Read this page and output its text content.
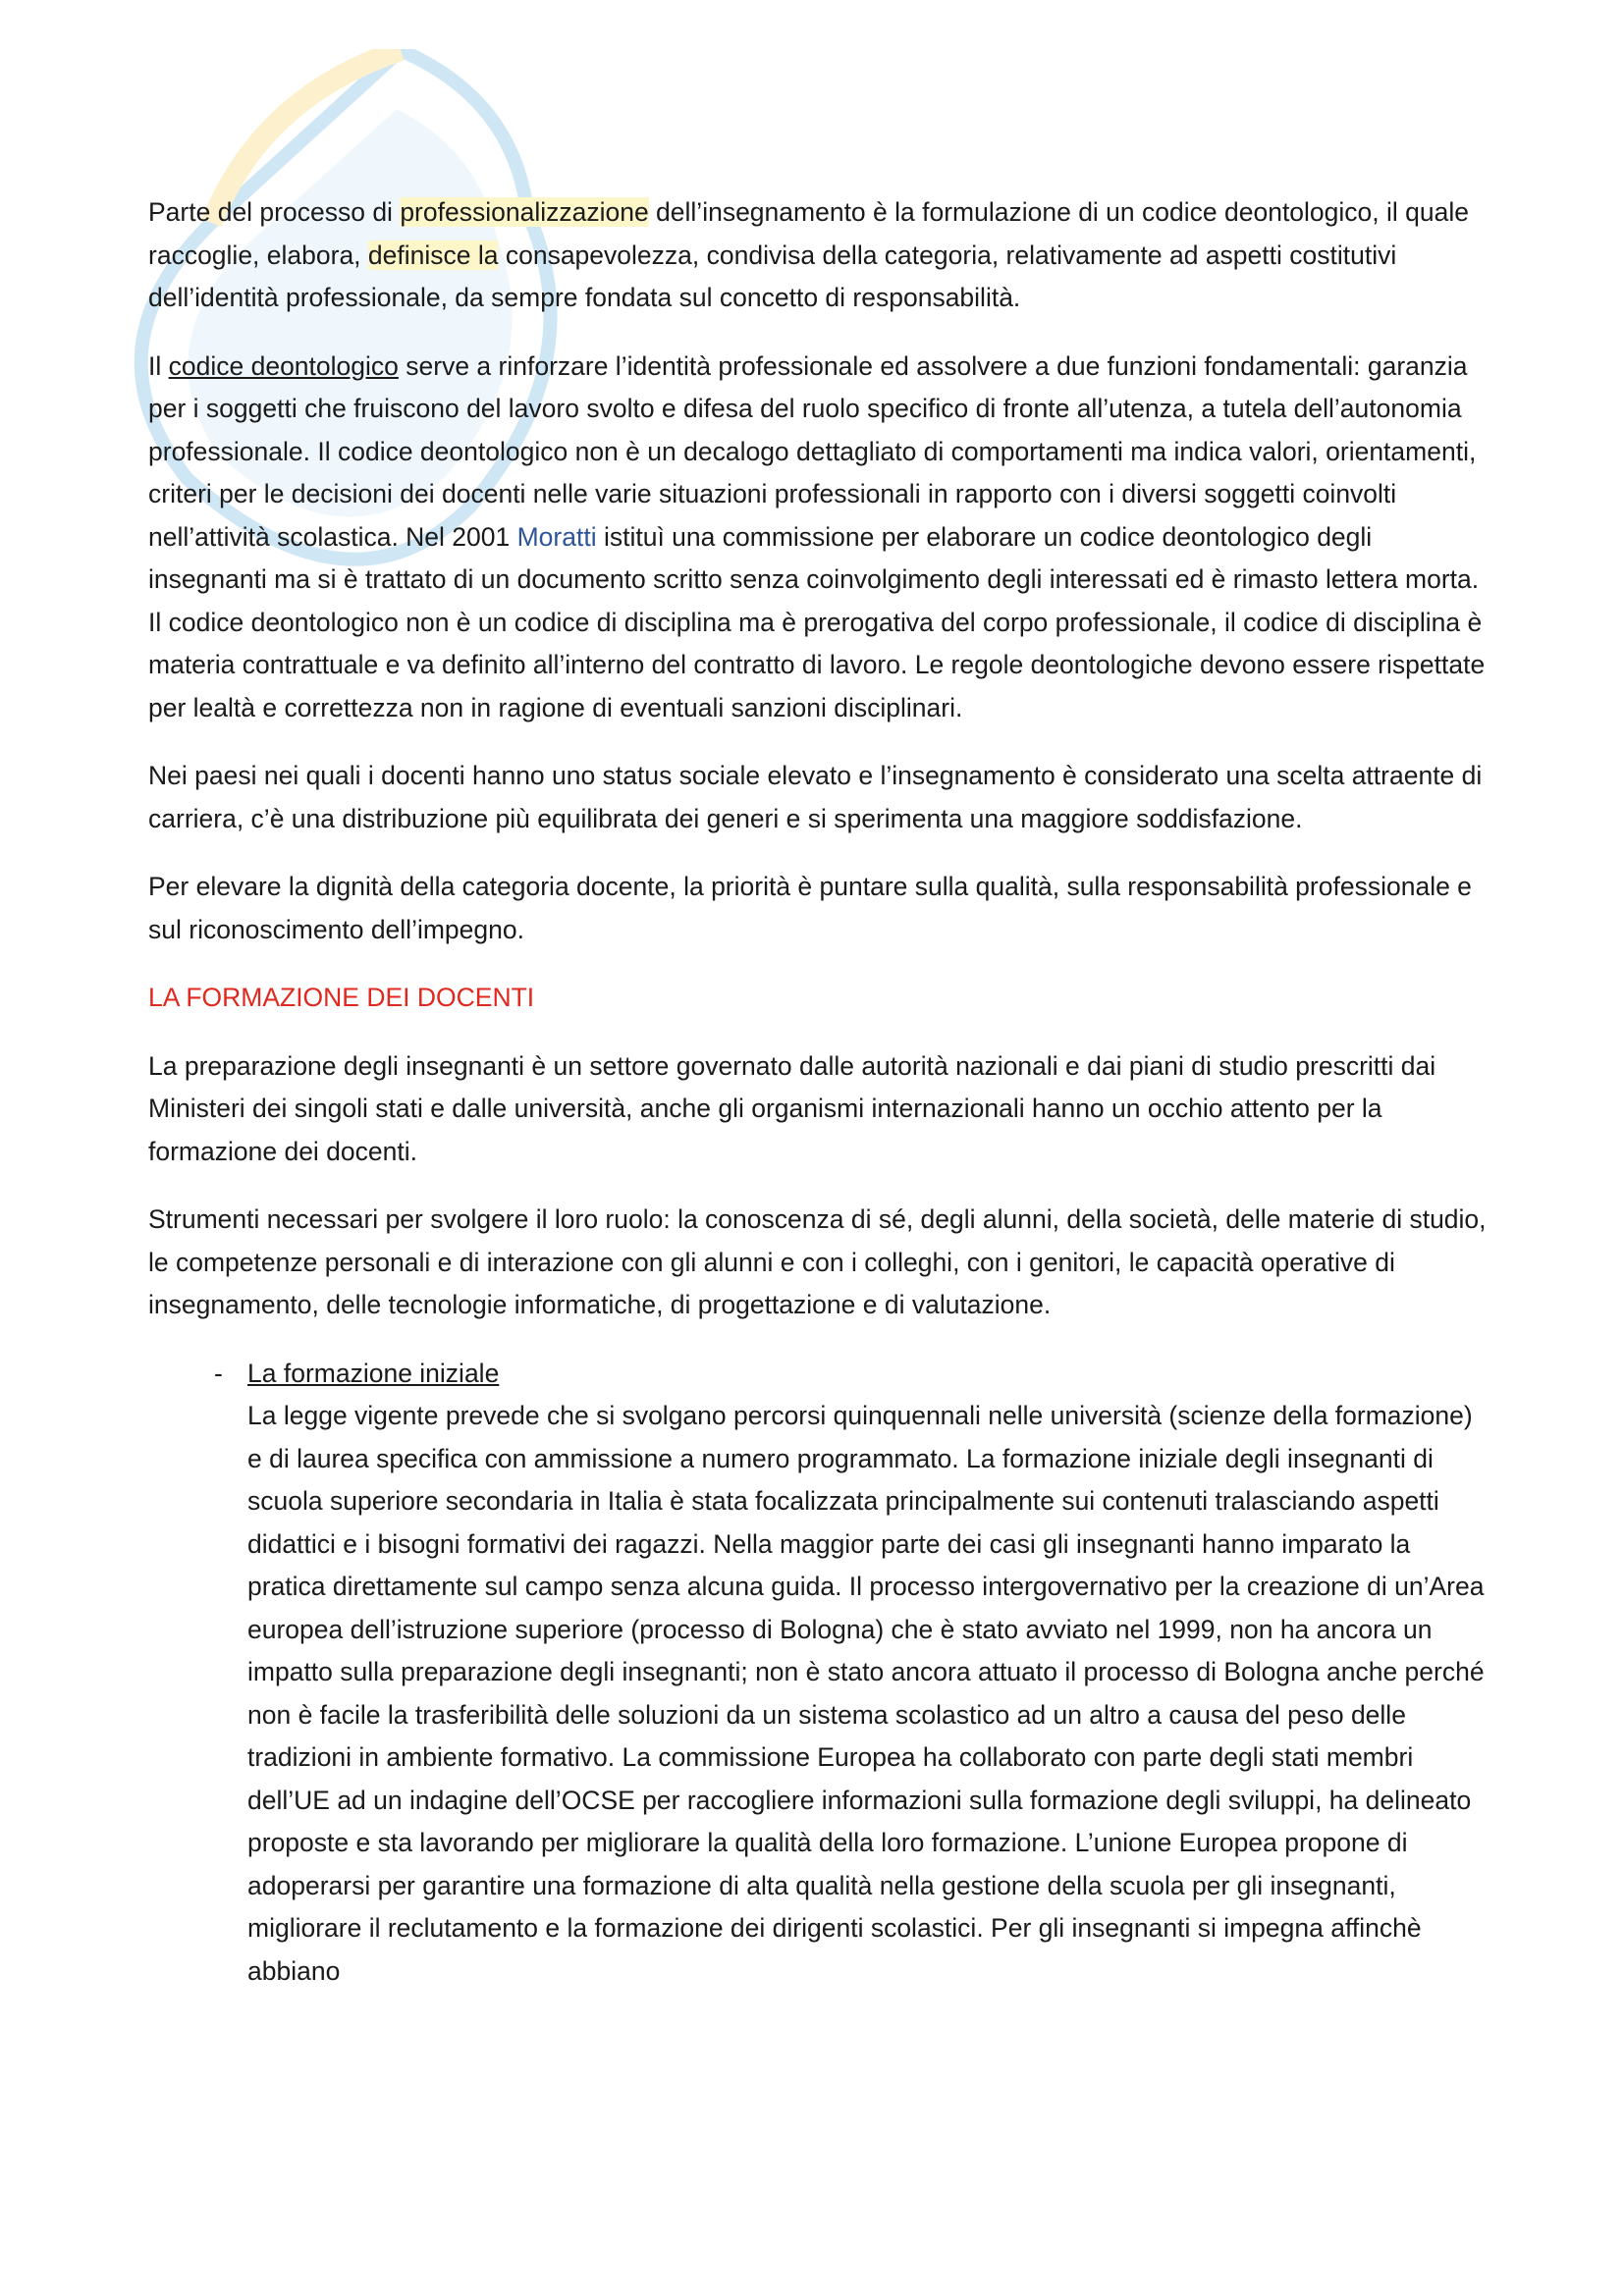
Parte del processo di professionalizzazione dell’insegnamento è la formulazione di un codice deontologico, il quale raccoglie, elabora, definisce la consapevolezza, condivisa della categoria, relativamente ad aspetti costitutivi dell’identità professionale, da sempre fondata sul concetto di responsabilità.

Il codice deontologico serve a rinforzare l’identità professionale ed assolvere a due funzioni fondamentali: garanzia per i soggetti che fruiscono del lavoro svolto e difesa del ruolo specifico di fronte all’utenza, a tutela dell’autonomia professionale. Il codice deontologico non è un decalogo dettagliato di comportamenti ma indica valori, orientamenti, criteri per le decisioni dei docenti nelle varie situazioni professionali in rapporto con i diversi soggetti coinvolti nell’attività scolastica. Nel 2001 Moratti istituì una commissione per elaborare un codice deontologico degli insegnanti ma si è trattato di un documento scritto senza coinvolgimento degli interessati ed è rimasto lettera morta. Il codice deontologico non è un codice di disciplina ma è prerogativa del corpo professionale, il codice di disciplina è materia contrattuale e va definito all’interno del contratto di lavoro. Le regole deontologiche devono essere rispettate per lealtà e correttezza non in ragione di eventuali sanzioni disciplinari.

Nei paesi nei quali i docenti hanno uno status sociale elevato e l’insegnamento è considerato una scelta attraente di carriera, c’è una distribuzione più equilibrata dei generi e si sperimenta una maggiore soddisfazione.

Per elevare la dignità della categoria docente, la priorità è puntare sulla qualità, sulla responsabilità professionale e sul riconoscimento dell’impegno.

LA FORMAZIONE DEI DOCENTI

La preparazione degli insegnanti è un settore governato dalle autorità nazionali e dai piani di studio prescritti dai Ministeri dei singoli stati e dalle università, anche gli organismi internazionali hanno un occhio attento per la formazione dei docenti.

Strumenti necessari per svolgere il loro ruolo: la conoscenza di sé, degli alunni, della società, delle materie di studio, le competenze personali e di interazione con gli alunni e con i colleghi, con i genitori, le capacità operative di insegnamento, delle tecnologie informatiche, di progettazione e di valutazione.

- La formazione iniziale
La legge vigente prevede che si svolgano percorsi quinquennali nelle università (scienze della formazione) e di laurea specifica con ammissione a numero programmato. La formazione iniziale degli insegnanti di scuola superiore secondaria in Italia è stata focalizzata principalmente sui contenuti tralasciando aspetti didattici e i bisogni formativi dei ragazzi. Nella maggior parte dei casi gli insegnanti hanno imparato la pratica direttamente sul campo senza alcuna guida. Il processo intergovernativo per la creazione di un’Area europea dell’istruzione superiore (processo di Bologna) che è stato avviato nel 1999, non ha ancora un impatto sulla preparazione degli insegnanti; non è stato ancora attuato il processo di Bologna anche perché non è facile la trasferibilità delle soluzioni da un sistema scolastico ad un altro a causa del peso delle tradizioni in ambiente formativo. La commissione Europea ha collaborato con parte degli stati membri dell’UE ad un indagine dell’OCSE per raccogliere informazioni sulla formazione degli sviluppi, ha delineato proposte e sta lavorando per migliorare la qualità della loro formazione. L’unione Europea propone di adoperarsi per garantire una formazione di alta qualità nella gestione della scuola per gli insegnanti, migliorare il reclutamento e la formazione dei dirigenti scolastici. Per gli insegnanti si impegna affinchè abbiano
